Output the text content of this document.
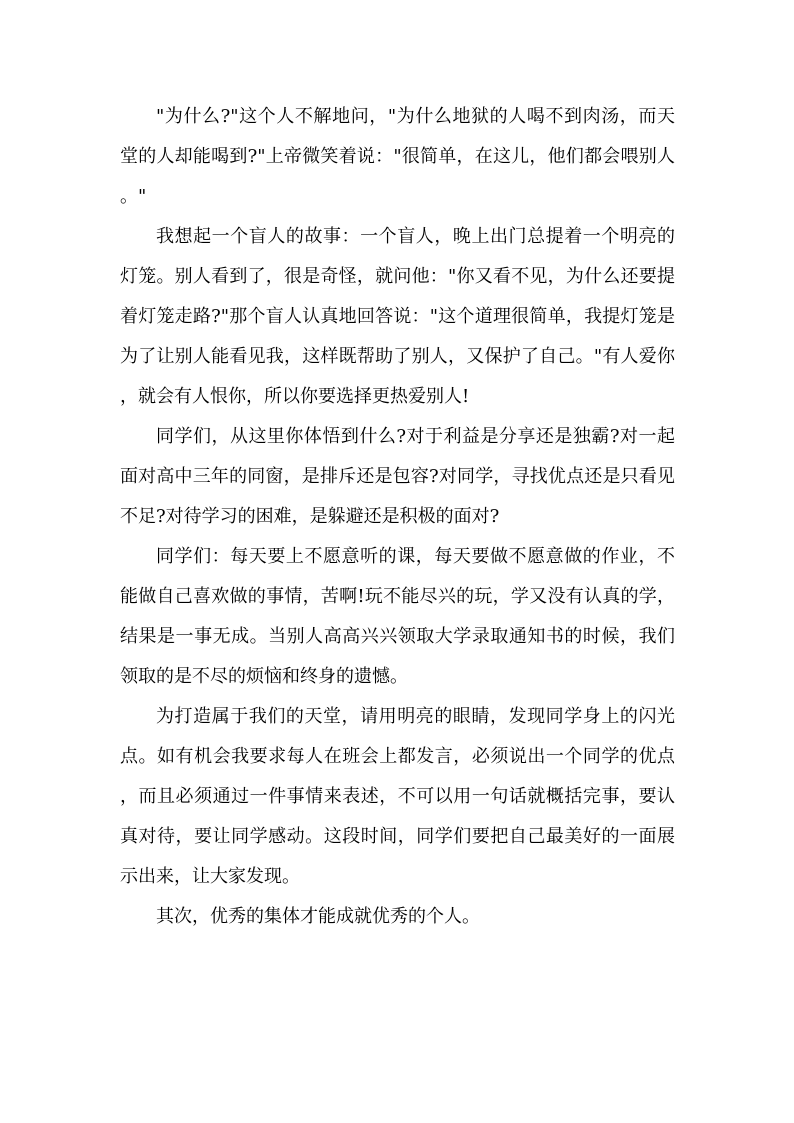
"为什么?"这个人不解地问，"为什么地狱的人喝不到肉汤，而天堂的人却能喝到?"上帝微笑着说："很简单，在这儿，他们都会喂别人。"

我想起一个盲人的故事：一个盲人，晚上出门总提着一个明亮的灯笼。别人看到了，很是奇怪，就问他："你又看不见，为什么还要提着灯笼走路?"那个盲人认真地回答说："这个道理很简单，我提灯笼是为了让别人能看见我，这样既帮助了别人，又保护了自己。"有人爱你，就会有人恨你，所以你要选择更热爱别人!

同学们，从这里你体悟到什么?对于利益是分享还是独霸?对一起面对高中三年的同窗，是排斥还是包容?对同学，寻找优点还是只看见不足?对待学习的困难，是躲避还是积极的面对?

同学们：每天要上不愿意听的课，每天要做不愿意做的作业，不能做自己喜欢做的事情，苦啊!玩不能尽兴的玩，学又没有认真的学，结果是一事无成。当别人高高兴兴领取大学录取通知书的时候，我们领取的是不尽的烦恼和终身的遗憾。

为打造属于我们的天堂，请用明亮的眼睛，发现同学身上的闪光点。如有机会我要求每人在班会上都发言，必须说出一个同学的优点，而且必须通过一件事情来表述，不可以用一句话就概括完事，要认真对待，要让同学感动。这段时间，同学们要把自己最美好的一面展示出来，让大家发现。

其次，优秀的集体才能成就优秀的个人。
